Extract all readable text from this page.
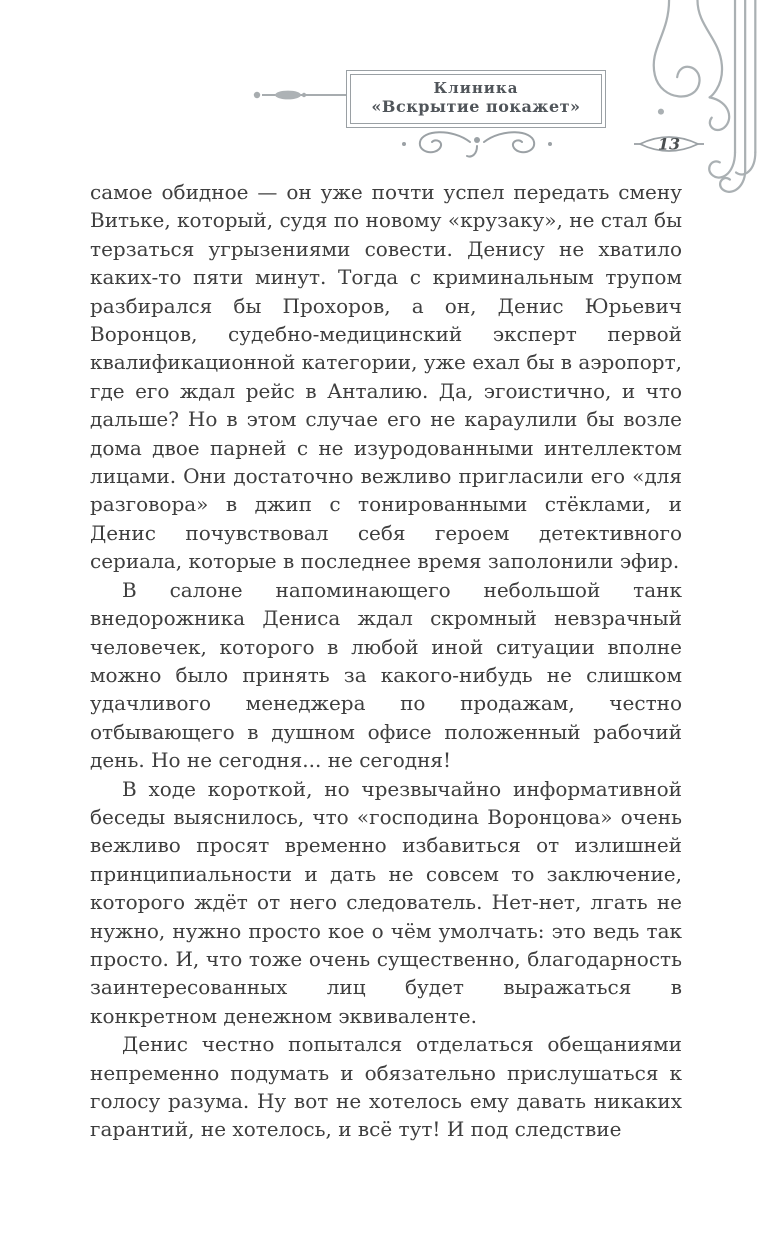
Клиника
«Вскрытие покажет»
13

самое обидное — он уже почти успел передать смену Витьке, который, судя по новому «крузаку», не стал бы терзаться угрызениями совести. Денису не хватило каких-то пяти минут. Тогда с криминальным трупом разбирался бы Прохоров, а он, Денис Юрьевич Воронцов, судебно-медицинский эксперт первой квалификационной категории, уже ехал бы в аэропорт, где его ждал рейс в Анталию. Да, эгоистично, и что дальше? Но в этом случае его не караулили бы возле дома двое парней с не изуродованными интеллектом лицами. Они достаточно вежливо пригласили его «для разговора» в джип с тонированными стёклами, и Денис почувствовал себя героем детективного сериала, которые в последнее время заполонили эфир.

В салоне напоминающего небольшой танк внедорожника Дениса ждал скромный невзрачный человечек, которого в любой иной ситуации вполне можно было принять за какого-нибудь не слишком удачливого менеджера по продажам, честно отбывающего в душном офисе положенный рабочий день. Но не сегодня... не сегодня!

В ходе короткой, но чрезвычайно информативной беседы выяснилось, что «господина Воронцова» очень вежливо просят временно избавиться от излишней принципиальности и дать не совсем то заключение, которого ждёт от него следователь. Нет-нет, лгать не нужно, нужно просто кое о чём умолчать: это ведь так просто. И, что тоже очень существенно, благодарность заинтересованных лиц будет выражаться в конкретном денежном эквиваленте.

Денис честно попытался отделаться обещаниями непременно подумать и обязательно прислушаться к голосу разума. Ну вот не хотелось ему давать никаких гарантий, не хотелось, и всё тут! И под следствие
